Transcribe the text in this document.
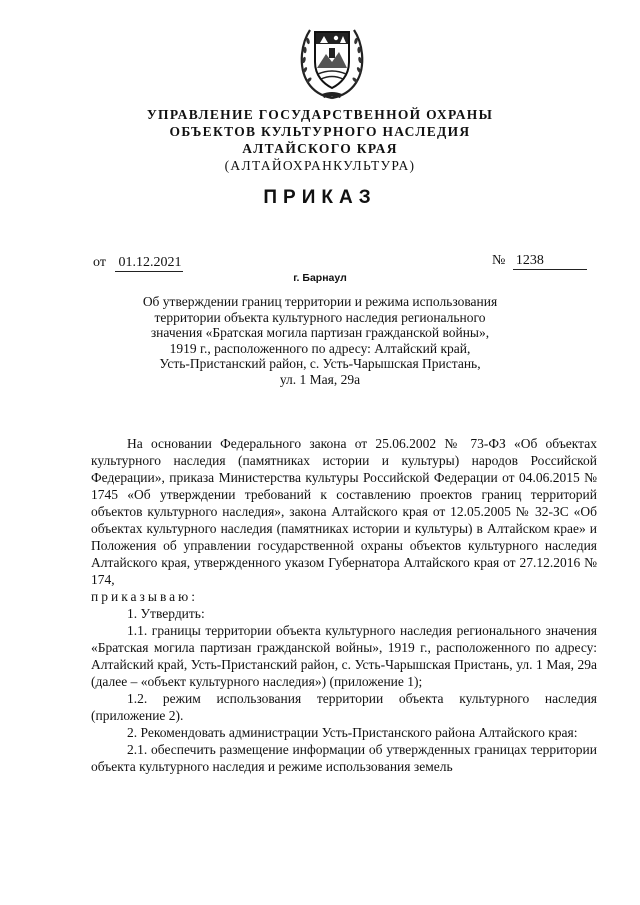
УПРАВЛЕНИЕ ГОСУДАРСТВЕННОЙ ОХРАНЫ
ОБЪЕКТОВ КУЛЬТУРНОГО НАСЛЕДИЯ
АЛТАЙСКОГО КРАЯ
(АЛТАЙОХРАНКУЛЬТУРА)
ПРИКАЗ
от 01.12.2021	№ 1238
г. Барнаул
Об утверждении границ территории и режима использования
территории объекта культурного наследия регионального
значения «Братская могила партизан гражданской войны»,
1919 г., расположенного по адресу: Алтайский край,
Усть-Пристанский район, с. Усть-Чарышская Пристань,
ул. 1 Мая, 29а

На основании Федерального закона от 25.06.2002 № 73-ФЗ «Об объектах культурного наследия (памятниках истории и культуры) народов Российской Федерации», приказа Министерства культуры Российской Федерации от 04.06.2015 № 1745 «Об утверждении требований к составлению проектов границ территорий объектов культурного наследия», закона Алтайского края от 12.05.2005 № 32-ЗС «Об объектах культурного наследия (памятниках истории и культуры) в Алтайском крае» и Положения об управлении государственной охраны объектов культурного наследия Алтайского края, утвержденного указом Губернатора Алтайского края от 27.12.2016 № 174,

приказываю:

1. Утвердить:

1.1. границы территории объекта культурного наследия регионального значения «Братская могила партизан гражданской войны», 1919 г., расположенного по адресу: Алтайский край, Усть-Пристанский район, с. Усть-Чарышская Пристань, ул. 1 Мая, 29а (далее – «объект культурного наследия») (приложение 1);

1.2. режим использования территории объекта культурного наследия (приложение 2).

2. Рекомендовать администрации Усть-Пристанского района Алтайского края:

2.1. обеспечить размещение информации об утвержденных границах территории объекта культурного наследия и режиме использования земель
